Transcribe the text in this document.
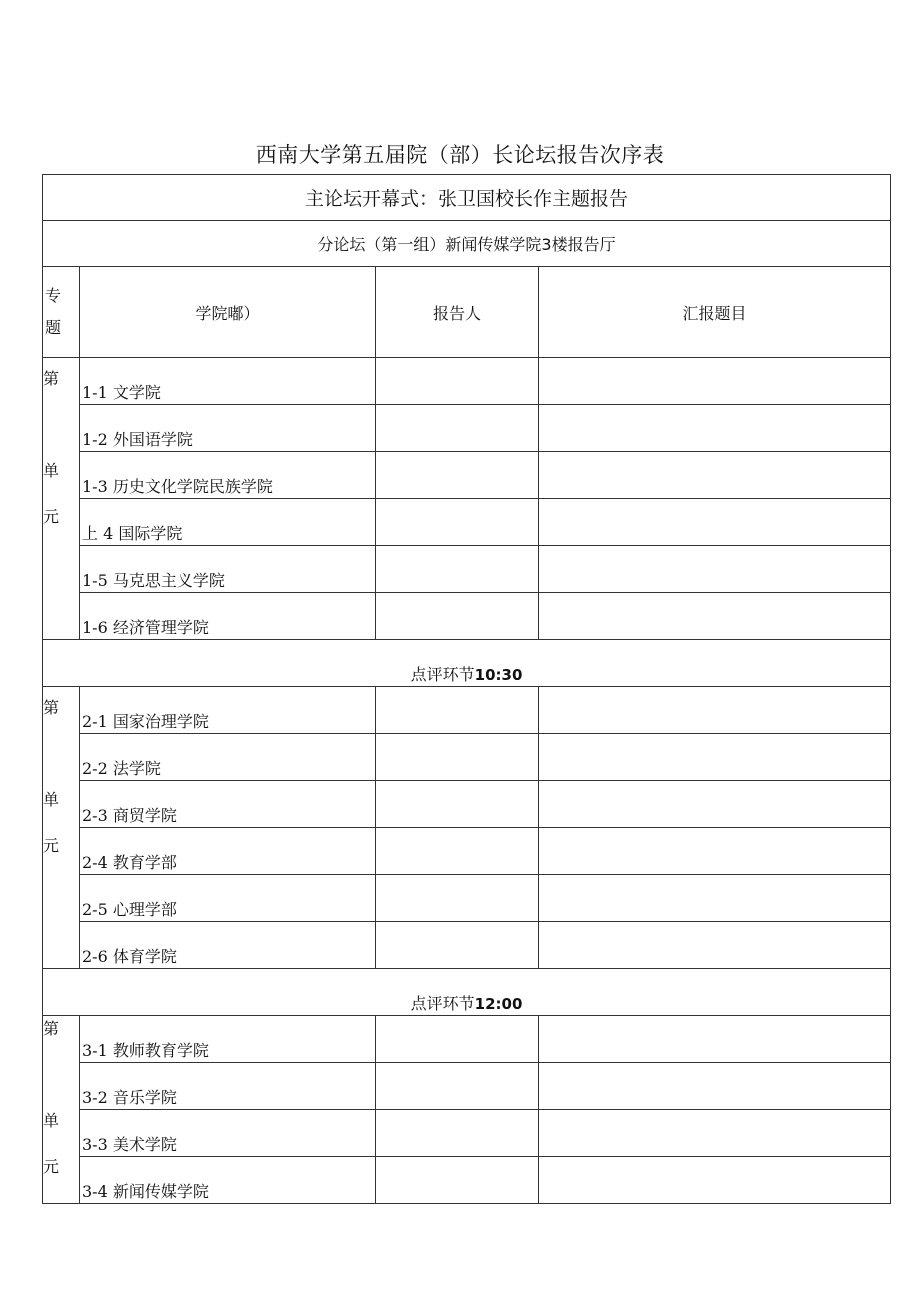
西南大学第五届院（部）长论坛报告次序表
主论坛开幕式：张卫国校长作主题报告			
分论坛（第一组）新闻传媒学院3楼报告厅			

专
题	学院嘟）	报告人	汇报题目

第
单
元	1-1 文学院		
	1-2 外国语学院		
	1-3 历史文化学院民族学院		
	上 4 国际学院		
	1-5 马克思主义学院		
	1-6 经济管理学院		
点评环节10:30			

第
单
元	2-1 国家治理学院		
	2-2 法学院		
	2-3 商贸学院		
	2-4 教育学部		
	2-5 心理学部		
	2-6 体育学院		
点评环节12:00			

第
单
元	3-1 教师教育学院		
	3-2 音乐学院		
	3-3 美术学院		
	3-4 新闻传媒学院		
